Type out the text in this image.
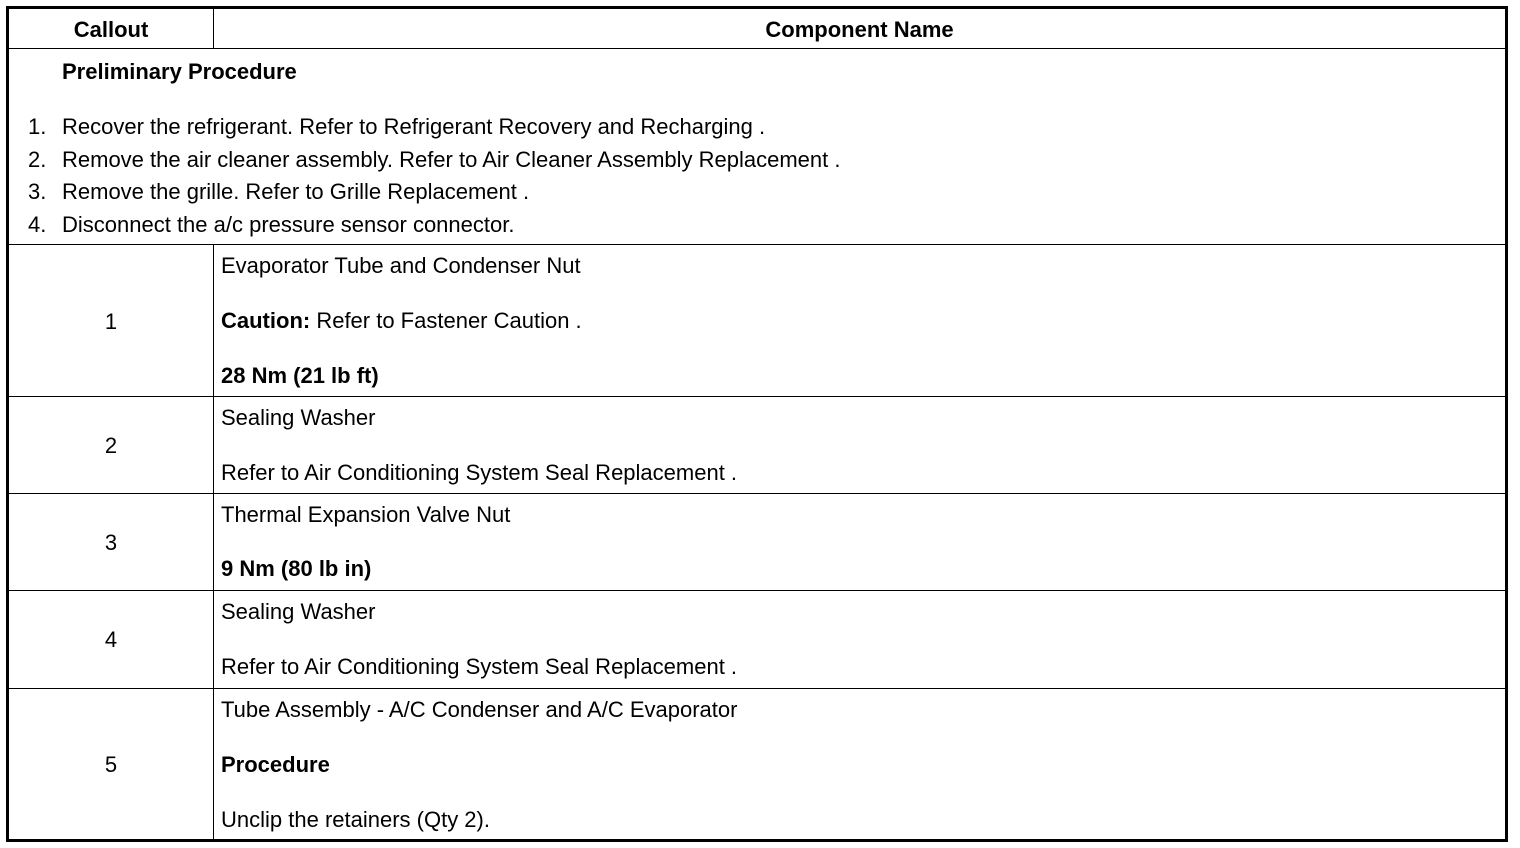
Callout	Component Name
Preliminary Procedure
1. Recover the refrigerant. Refer to Refrigerant Recovery and Recharging .
2. Remove the air cleaner assembly. Refer to Air Cleaner Assembly Replacement .
3. Remove the grille. Refer to Grille Replacement .
4. Disconnect the a/c pressure sensor connector.
1
Evaporator Tube and Condenser Nut
Caution: Refer to Fastener Caution .
28 Nm (21 lb ft)
2
Sealing Washer
Refer to Air Conditioning System Seal Replacement .
3
Thermal Expansion Valve Nut
9 Nm (80 lb in)
4
Sealing Washer
Refer to Air Conditioning System Seal Replacement .
5
Tube Assembly - A/C Condenser and A/C Evaporator
Procedure
Unclip the retainers (Qty 2).
